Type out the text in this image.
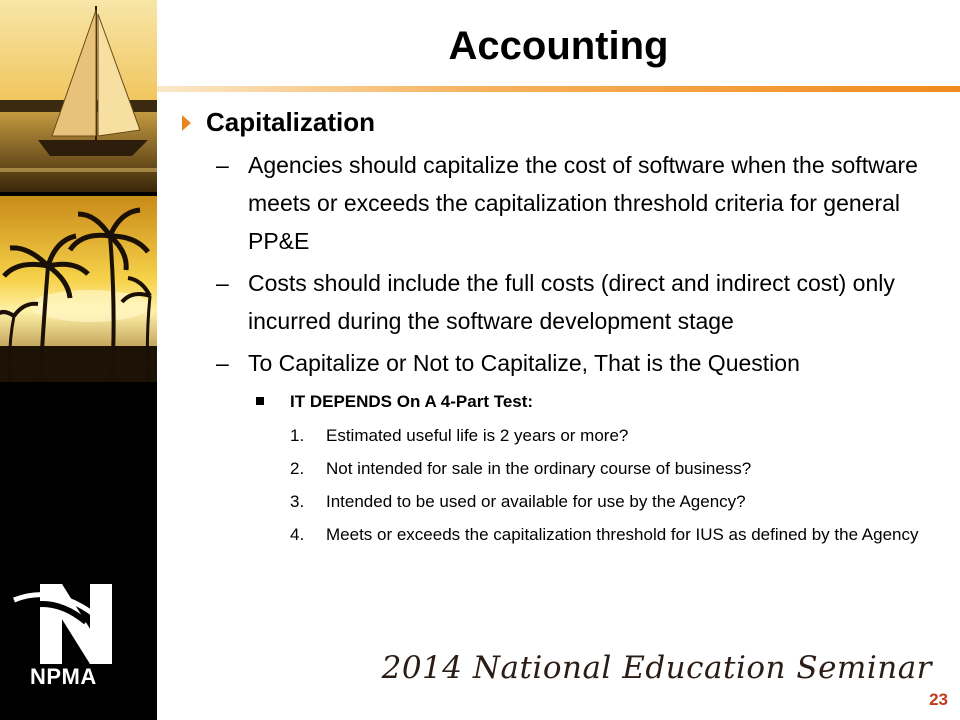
NPMA
Accounting
Capitalization
– Agencies should capitalize the cost of software when the software meets or exceeds the capitalization threshold criteria for general PP&E
– Costs should include the full costs (direct and indirect cost) only incurred during the software development stage
– To Capitalize or Not to Capitalize, That is the Question
IT DEPENDS On A 4-Part Test:
1. Estimated useful life is 2 years or more?
2. Not intended for sale in the ordinary course of business?
3. Intended to be used or available for use by the Agency?
4. Meets or exceeds the capitalization threshold for IUS as defined by the Agency
2014 National Education Seminar
23
